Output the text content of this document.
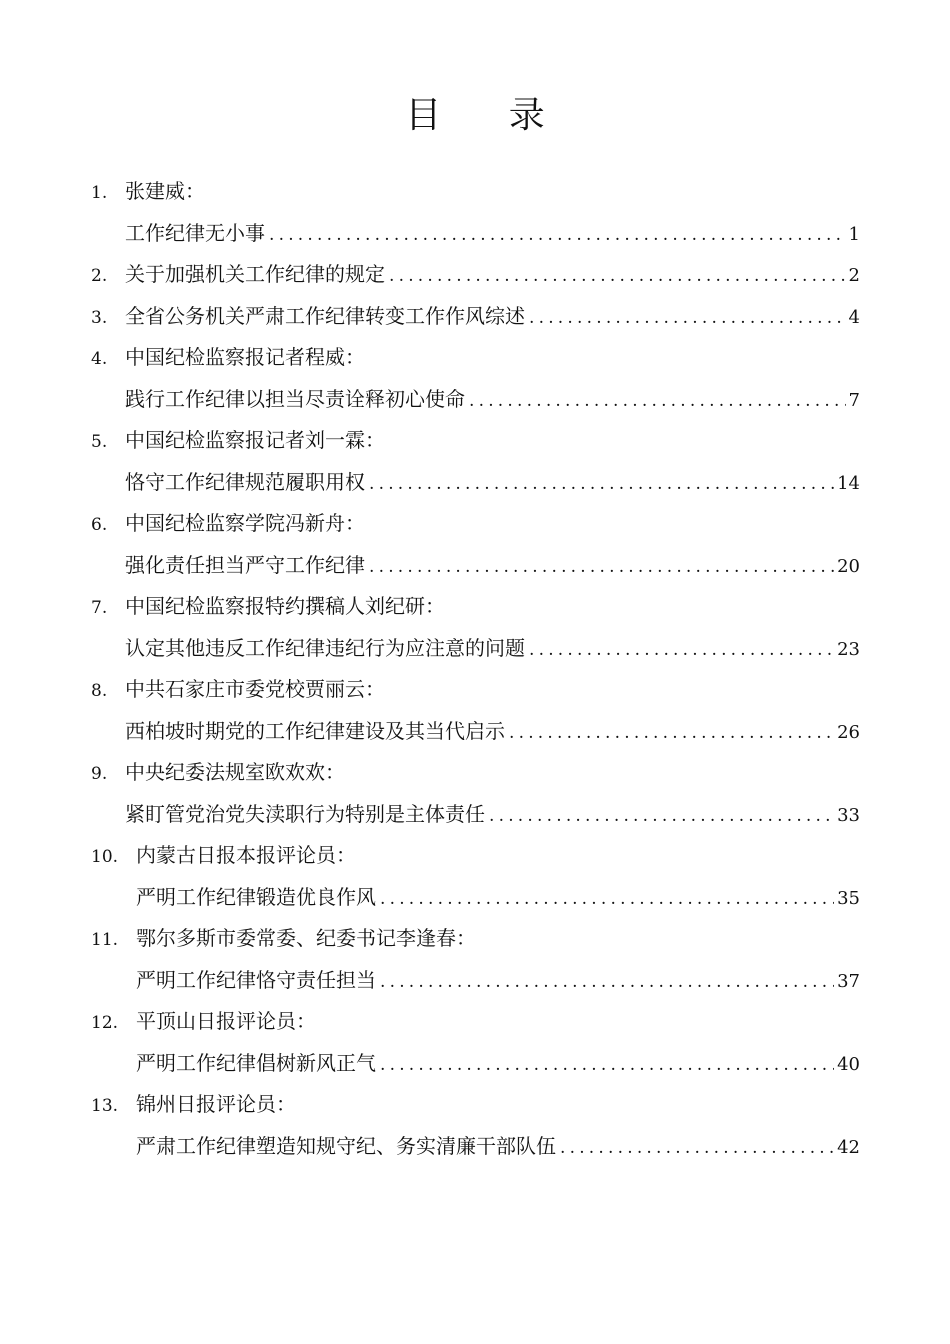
目 录
1. 张建威：
工作纪律无小事 .....	1
2. 关于加强机关工作纪律的规定 .....	2
3. 全省公务机关严肃工作纪律转变工作作风综述 .....	4
4. 中国纪检监察报记者程威：
践行工作纪律以担当尽责诠释初心使命 .....	7
5. 中国纪检监察报记者刘一霖：
恪守工作纪律规范履职用权 .....	14
6. 中国纪检监察学院冯新舟：
强化责任担当严守工作纪律 .....	20
7. 中国纪检监察报特约撰稿人刘纪研：
认定其他违反工作纪律违纪行为应注意的问题 .....	23
8. 中共石家庄市委党校贾丽云：
西柏坡时期党的工作纪律建设及其当代启示 .....	26
9. 中央纪委法规室欧欢欢：
紧盯管党治党失渎职行为特别是主体责任 .....	33
10. 内蒙古日报本报评论员：
严明工作纪律锻造优良作风 .....	35
11. 鄂尔多斯市委常委、纪委书记李逢春：
严明工作纪律恪守责任担当 .....	37
12. 平顶山日报评论员：
严明工作纪律倡树新风正气 .....	40
13. 锦州日报评论员：
严肃工作纪律塑造知规守纪、务实清廉干部队伍 .....	42
